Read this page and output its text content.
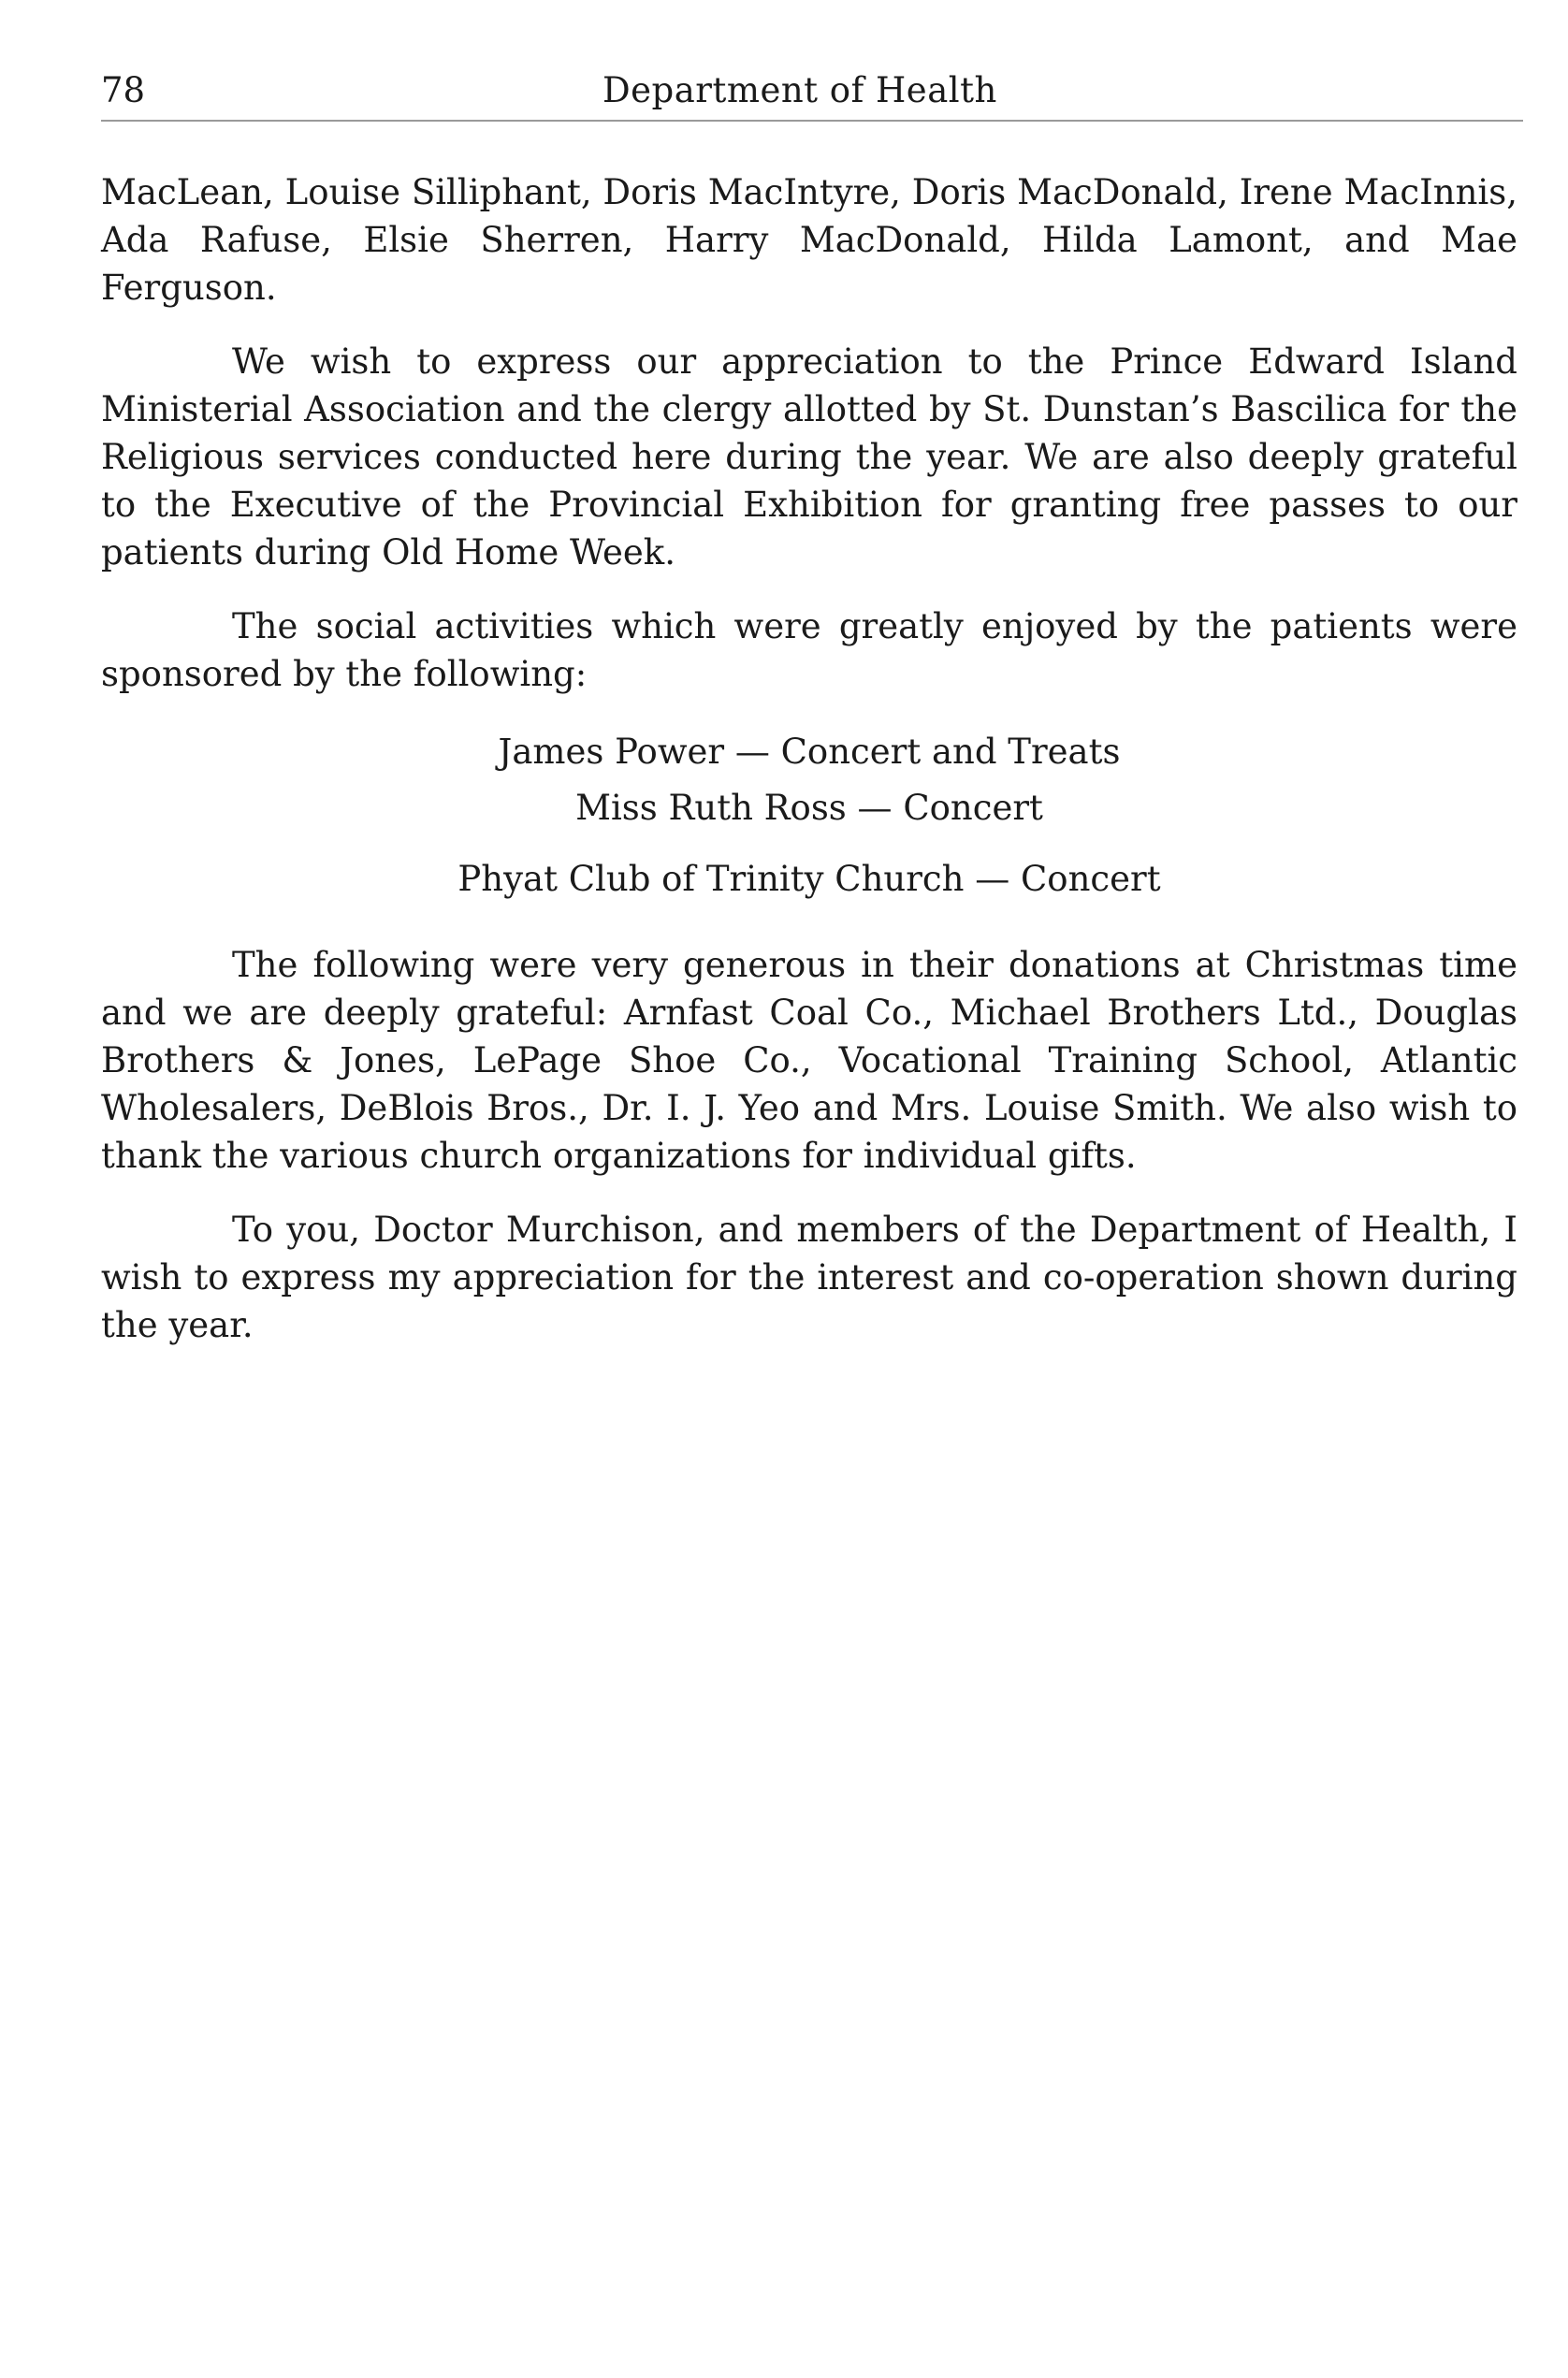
78	Department of Health

MacLean, Louise Silliphant, Doris MacIntyre, Doris MacDonald, Irene MacInnis, Ada Rafuse, Elsie Sherren, Harry MacDonald, Hilda Lamont, and Mae Ferguson.

We wish to express our appreciation to the Prince Edward Island Ministerial Association and the clergy allotted by St. Dunstan’s Bascilica for the Religious services conducted here during the year. We are also deeply grateful to the Executive of the Provincial Exhibition for granting free passes to our patients during Old Home Week.

The social activities which were greatly enjoyed by the patients were sponsored by the following:

James Power — Concert and Treats
Miss Ruth Ross — Concert
Phyat Club of Trinity Church — Concert

The following were very generous in their donations at Christmas time and we are deeply grateful: Arnfast Coal Co., Michael Brothers Ltd., Douglas Brothers & Jones, LePage Shoe Co., Vocational Training School, Atlantic Wholesalers, DeBlois Bros., Dr. I. J. Yeo and Mrs. Louise Smith. We also wish to thank the various church organizations for individual gifts.

To you, Doctor Murchison, and members of the Department of Health, I wish to express my appreciation for the interest and co-operation shown during the year.
